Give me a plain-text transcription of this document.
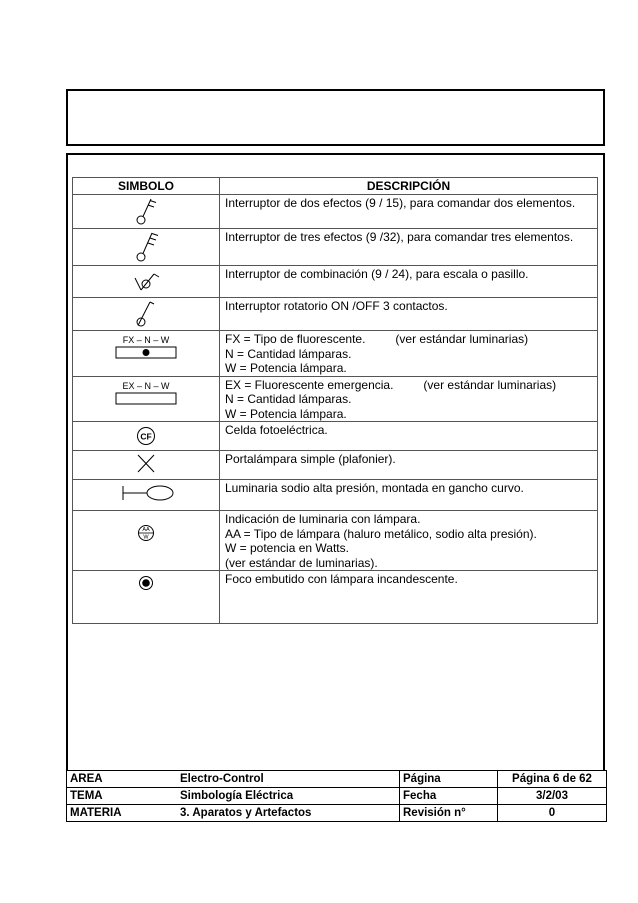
SIMBOLO	DESCRIPCIÓN

Interruptor de dos efectos (9 / 15), para comandar dos elementos.

Interruptor de tres efectos (9 /32), para comandar tres elementos.

Interruptor de combinación (9 / 24), para escala o pasillo.

Interruptor rotatorio ON /OFF 3 contactos.

FX – N – W	FX = Tipo de fluorescente. (ver estándar luminarias)
N = Cantidad lámparas.
W = Potencia lámpara.

EX – N – W	EX = Fluorescente emergencia. (ver estándar luminarias)
N = Cantidad lámparas.
W = Potencia lámpara.

CF	Celda fotoeléctrica.

Portalámpara simple (plafonier).

Luminaria sodio alta presión, montada en gancho curvo.

AA
W	Indicación de luminaria con lámpara.
AA = Tipo de lámpara (haluro metálico, sodio alta presión).
W = potencia en Watts.
(ver estándar de luminarias).

Foco embutido con lámpara incandescente.
AREA	Electro-Control	Página	Página 6 de 62
TEMA	Simbología Eléctrica	Fecha	3/2/03
MATERIA	3. Aparatos y Artefactos	Revisión n°	0
